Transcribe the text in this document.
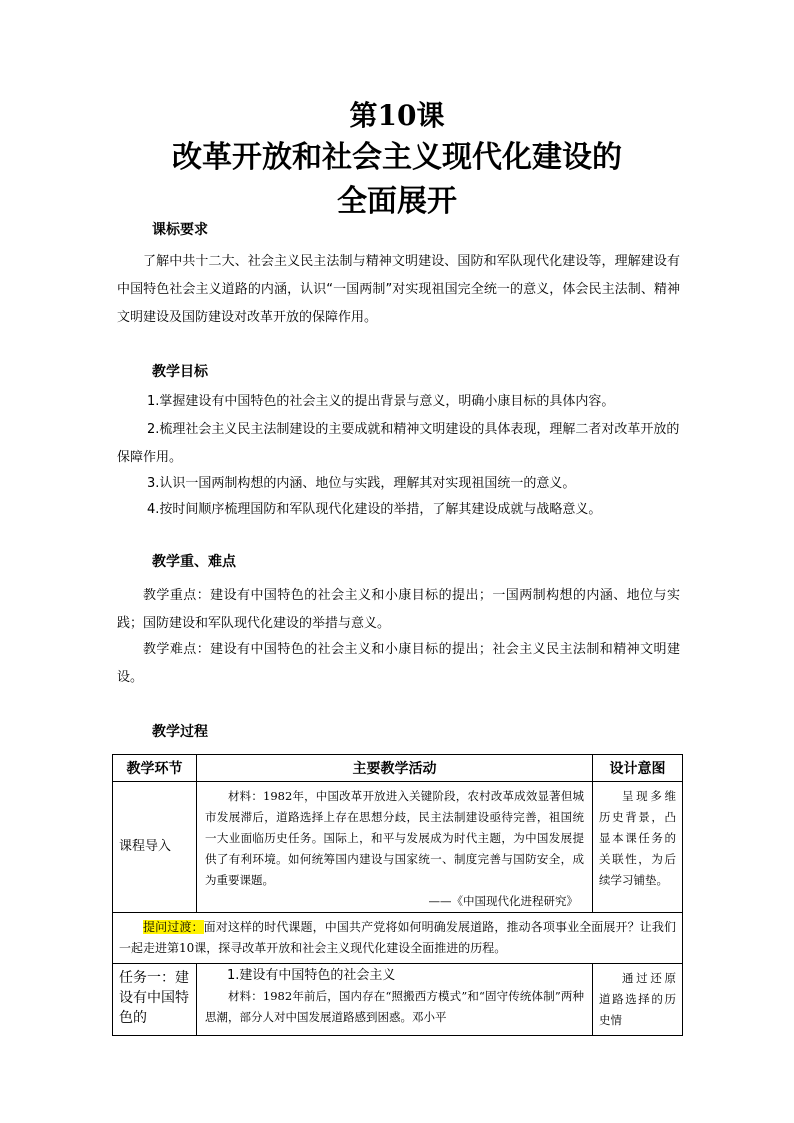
第10课
改革开放和社会主义现代化建设的
全面展开
课标要求

了解中共十二大、社会主义民主法制与精神文明建设、国防和军队现代化建设等，理解建设有中国特色社会主义道路的内涵，认识“一国两制”对实现祖国完全统一的意义，体会民主法制、精神文明建设及国防建设对改革开放的保障作用。

教学目标

1.掌握建设有中国特色的社会主义的提出背景与意义，明确小康目标的具体内容。

2.梳理社会主义民主法制建设的主要成就和精神文明建设的具体表现，理解二者对改革开放的保障作用。

3.认识一国两制构想的内涵、地位与实践，理解其对实现祖国统一的意义。

4.按时间顺序梳理国防和军队现代化建设的举措，了解其建设成就与战略意义。

教学重、难点

教学重点：建设有中国特色的社会主义和小康目标的提出；一国两制构想的内涵、地位与实践；国防建设和军队现代化建设的举措与意义。

教学难点：建设有中国特色的社会主义和小康目标的提出；社会主义民主法制和精神文明建设。

教学过程
教学环节	主要教学活动	设计意图
课程导入	材料：1982年，中国改革开放进入关键阶段，农村改革成效显著但城市发展滞后，道路选择上存在思想分歧，民主法制建设亟待完善，祖国统一大业面临历史任务。国际上，和平与发展成为时代主题，为中国发展提供了有利环境。如何统筹国内建设与国家统一、制度完善与国防安全，成为重要课题。

——《中国现代化进程研究》	呈现多维历史背景，凸显本课任务的关联性，为后续学习铺垫。

提问过渡：面对这样的时代课题，中国共产党将如何明确发展道路，推动各项事业全面展开？让我们一起走进第10课，探寻改革开放和社会主义现代化建设全面推进的历程。		

任务一：建设有中国特色的	1.建设有中国特色的社会主义

材料：1982年前后，国内存在“照搬西方模式”和“固守传统体制”两种思潮，部分人对中国发展道路感到困惑。邓小平	通过还原道路选择的历史情
